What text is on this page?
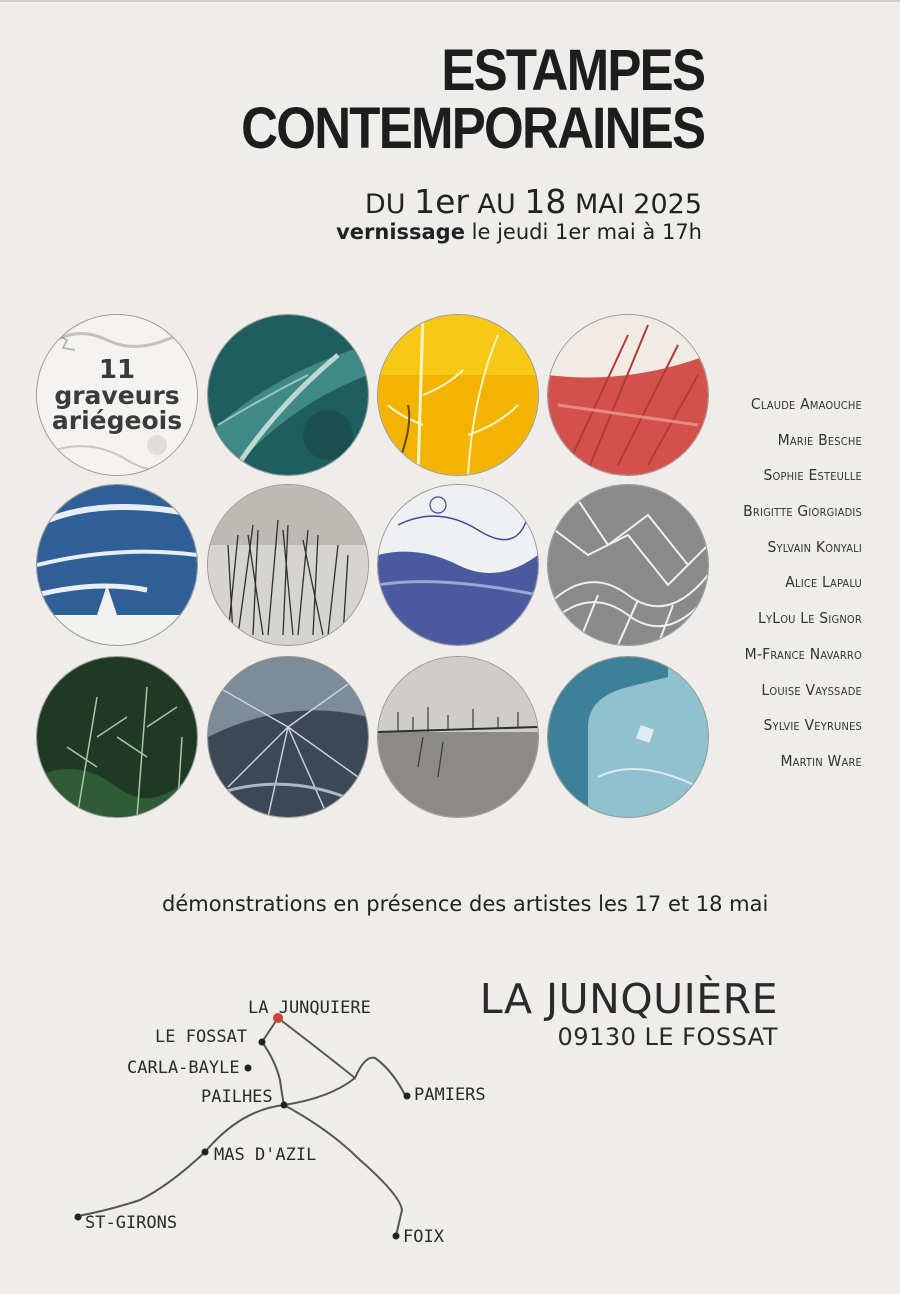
ESTAMPES
CONTEMPORAINES
DU 1er AU 18 MAI 2025
vernissage le jeudi 1er mai à 17h
11
graveurs
ariégeois
Claude Amaouche
Marie Besche
Sophie Esteulle
Brigitte Giorgiadis
Sylvain Konyali
Alice Lapalu
LyLou Le Signor
M-France Navarro
Louise Vayssade
Sylvie Veyrunes
Martin Ware
démonstrations en présence des artistes les 17 et 18 mai
LA JUNQUIÈRE
09130 LE FOSSAT
LA JUNQUIERE
LE FOSSAT
CARLA-BAYLE
PAILHES	PAMIERS
MAS D'AZIL
ST-GIRONS
FOIX
